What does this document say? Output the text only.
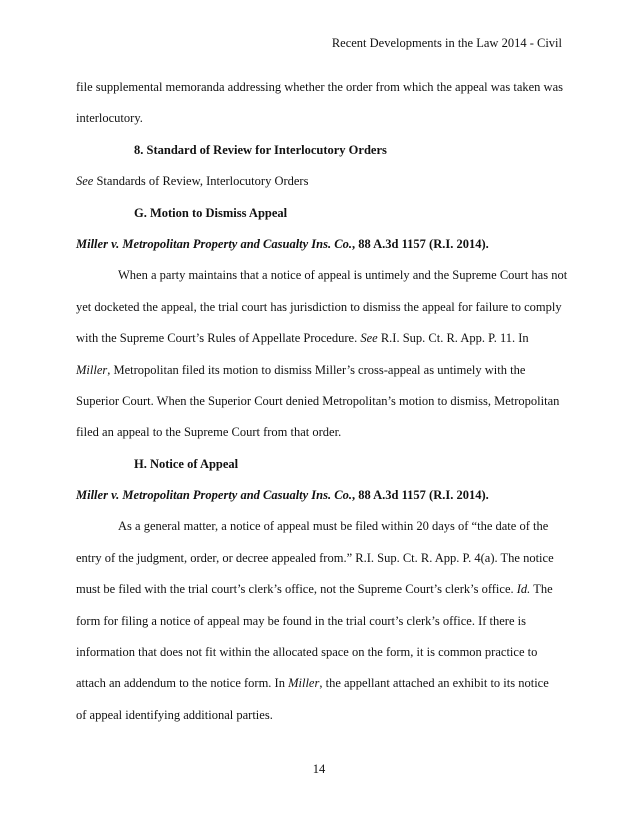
Recent Developments in the Law 2014 - Civil
file supplemental memoranda addressing whether the order from which the appeal was taken was
interlocutory.
8. Standard of Review for Interlocutory Orders
See Standards of Review, Interlocutory Orders
G. Motion to Dismiss Appeal
Miller v. Metropolitan Property and Casualty Ins. Co., 88 A.3d 1157 (R.I. 2014).
When a party maintains that a notice of appeal is untimely and the Supreme Court has not
yet docketed the appeal, the trial court has jurisdiction to dismiss the appeal for failure to comply
with the Supreme Court’s Rules of Appellate Procedure. See R.I. Sup. Ct. R. App. P. 11. In
Miller, Metropolitan filed its motion to dismiss Miller’s cross-appeal as untimely with the
Superior Court. When the Superior Court denied Metropolitan’s motion to dismiss, Metropolitan
filed an appeal to the Supreme Court from that order.
H. Notice of Appeal
Miller v. Metropolitan Property and Casualty Ins. Co., 88 A.3d 1157 (R.I. 2014).
As a general matter, a notice of appeal must be filed within 20 days of “the date of the
entry of the judgment, order, or decree appealed from.” R.I. Sup. Ct. R. App. P. 4(a). The notice
must be filed with the trial court’s clerk’s office, not the Supreme Court’s clerk’s office. Id. The
form for filing a notice of appeal may be found in the trial court’s clerk’s office. If there is
information that does not fit within the allocated space on the form, it is common practice to
attach an addendum to the notice form. In Miller, the appellant attached an exhibit to its notice
of appeal identifying additional parties.
14
